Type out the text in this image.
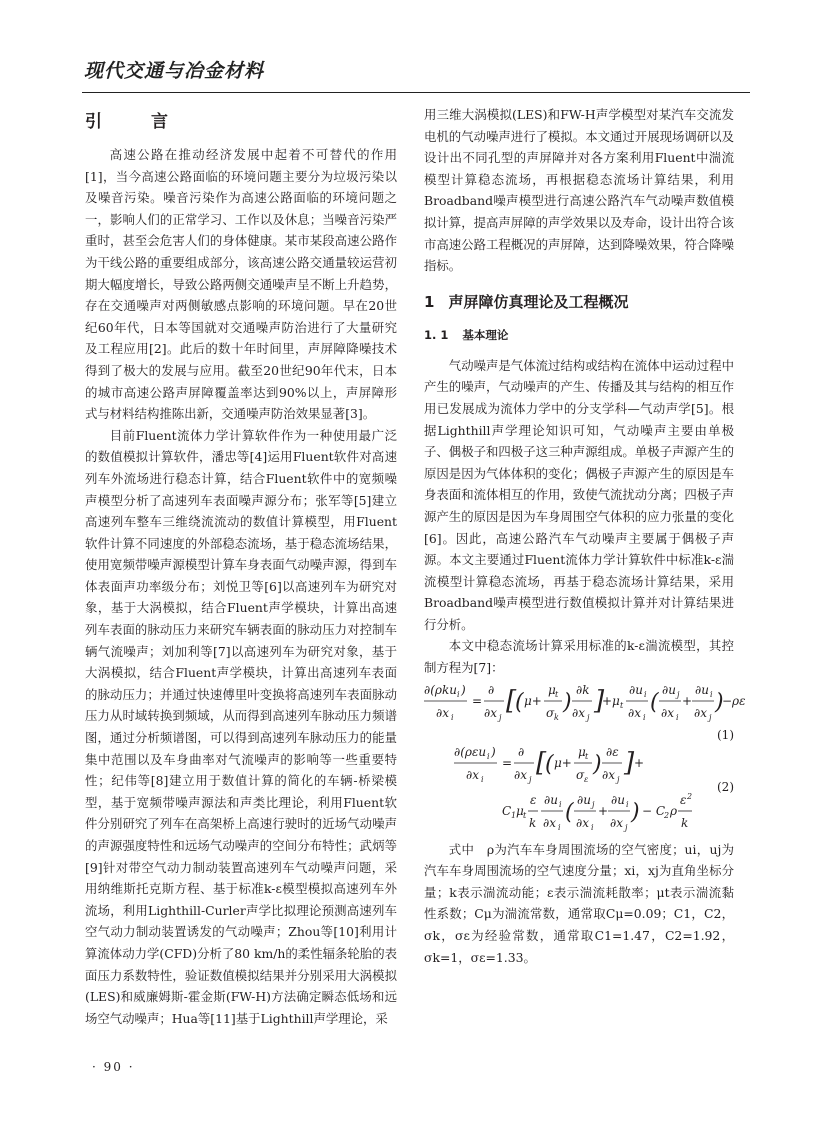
现代交通与冶金材料
引　言

高速公路在推动经济发展中起着不可替代的作用[1]，当今高速公路面临的环境问题主要分为垃圾污染以及噪音污染。噪音污染作为高速公路面临的环境问题之一，影响人们的正常学习、工作以及休息；当噪音污染严重时，甚至会危害人们的身体健康。某市某段高速公路作为干线公路的重要组成部分，该高速公路交通量较运营初期大幅度增长，导致公路两侧交通噪声呈不断上升趋势，存在交通噪声对两侧敏感点影响的环境问题。早在20世纪60年代，日本等国就对交通噪声防治进行了大量研究及工程应用[2]。此后的数十年时间里，声屏障降噪技术得到了极大的发展与应用。截至20世纪90年代末，日本的城市高速公路声屏障覆盖率达到90%以上，声屏障形式与材料结构推陈出新，交通噪声防治效果显著[3]。

目前Fluent流体力学计算软件作为一种使用最广泛的数值模拟计算软件，潘忠等[4]运用Fluent软件对高速列车外流场进行稳态计算，结合Fluent软件中的宽频噪声模型分析了高速列车表面噪声源分布；张军等[5]建立高速列车整车三维绕流流动的数值计算模型，用Fluent软件计算不同速度的外部稳态流场，基于稳态流场结果，使用宽频带噪声源模型计算车身表面气动噪声源，得到车体表面声功率级分布；刘悦卫等[6]以高速列车为研究对象，基于大涡模拟，结合Fluent声学模块，计算出高速列车表面的脉动压力来研究车辆表面的脉动压力对控制车辆气流噪声；刘加利等[7]以高速列车为研究对象，基于大涡模拟，结合Fluent声学模块，计算出高速列车表面的脉动压力；并通过快速傅里叶变换将高速列车表面脉动压力从时域转换到频域，从而得到高速列车脉动压力频谱图，通过分析频谱图，可以得到高速列车脉动压力的能量集中范围以及车身曲率对气流噪声的影响等一些重要特性；纪伟等[8]建立用于数值计算的简化的车辆-桥梁模型，基于宽频带噪声源法和声类比理论，利用Fluent软件分别研究了列车在高架桥上高速行驶时的近场气动噪声的声源强度特性和远场气动噪声的空间分布特性；武炳等[9]针对带空气动力制动装置高速列车气动噪声问题，采用纳维斯托克斯方程、基于标准k-ε模型模拟高速列车外流场，利用Lighthill-Curler声学比拟理论预测高速列车空气动力制动装置诱发的气动噪声；Zhou等[10]利用计算流体动力学(CFD)分析了80 km/h的柔性辐条轮胎的表面压力系数特性，验证数值模拟结果并分别采用大涡模拟(LES)和威廉姆斯-霍金斯(FW-H)方法确定瞬态低场和远场空气动噪声；Hua等[11]基于Lighthill声学理论，采

用三维大涡模拟(LES)和FW-H声学模型对某汽车交流发电机的气动噪声进行了模拟。本文通过开展现场调研以及设计出不同孔型的声屏障并对各方案利用Fluent中湍流模型计算稳态流场，再根据稳态流场计算结果，利用Broadband噪声模型进行高速公路汽车气动噪声数值模拟计算，提高声屏障的声学效果以及寿命，设计出符合该市高速公路工程概况的声屏障，达到降噪效果，符合降噪指标。

1 声屏障仿真理论及工程概况
1. 1 基本理论

气动噪声是气体流过结构或结构在流体中运动过程中产生的噪声，气动噪声的产生、传播及其与结构的相互作用已发展成为流体力学中的分支学科—气动声学[5]。根据Lighthill声学理论知识可知，气动噪声主要由单极子、偶极子和四极子这三种声源组成。单极子声源产生的原因是因为气体体积的变化；偶极子声源产生的原因是车身表面和流体相互的作用，致使气流扰动分离；四极子声源产生的原因是因为车身周围空气体积的应力张量的变化[6]。因此，高速公路汽车气动噪声主要属于偶极子声源。本文主要通过Fluent流体力学计算软件中标准k-ε湍流模型计算稳态流场，再基于稳态流场计算结果，采用Broadband噪声模型进行数值模拟计算并对计算结果进行分析。

本文中稳态流场计算采用标准的k-ε湍流模型，其控制方程为[7]：

∂(ρku i )
∂x i
=
∂
∂x j
[
( μ+
μ t
σ k
) ∂k
∂x j
]
+μ t
∂u i
∂x i
( ∂u j
∂x i
+
∂u i
∂x j
)
−ρε
(1)
∂(ρεu i )
∂x i
=
∂
∂x j
[
( μ+
μ t
σ ε
) ∂ε
∂x j
] +
C 1 μ t
ε
k
∂u i
∂x i
( ∂u j
∂x i
+
∂u i
∂x j
) − C
2 ρ
ε 2
k
(2)

式中　ρ为汽车车身周围流场的空气密度；ui，uj为汽车车身周围流场的空气速度分量；xi，xj为直角坐标分量；k表示湍流动能；ε表示湍流耗散率；μt表示湍流黏性系数；Cμ为湍流常数，通常取Cμ=0.09；C1，C2，σk，σε为经验常数，通常取C1=1.47，C2=1.92，σk=1，σε=1.33。

· 90 ·
